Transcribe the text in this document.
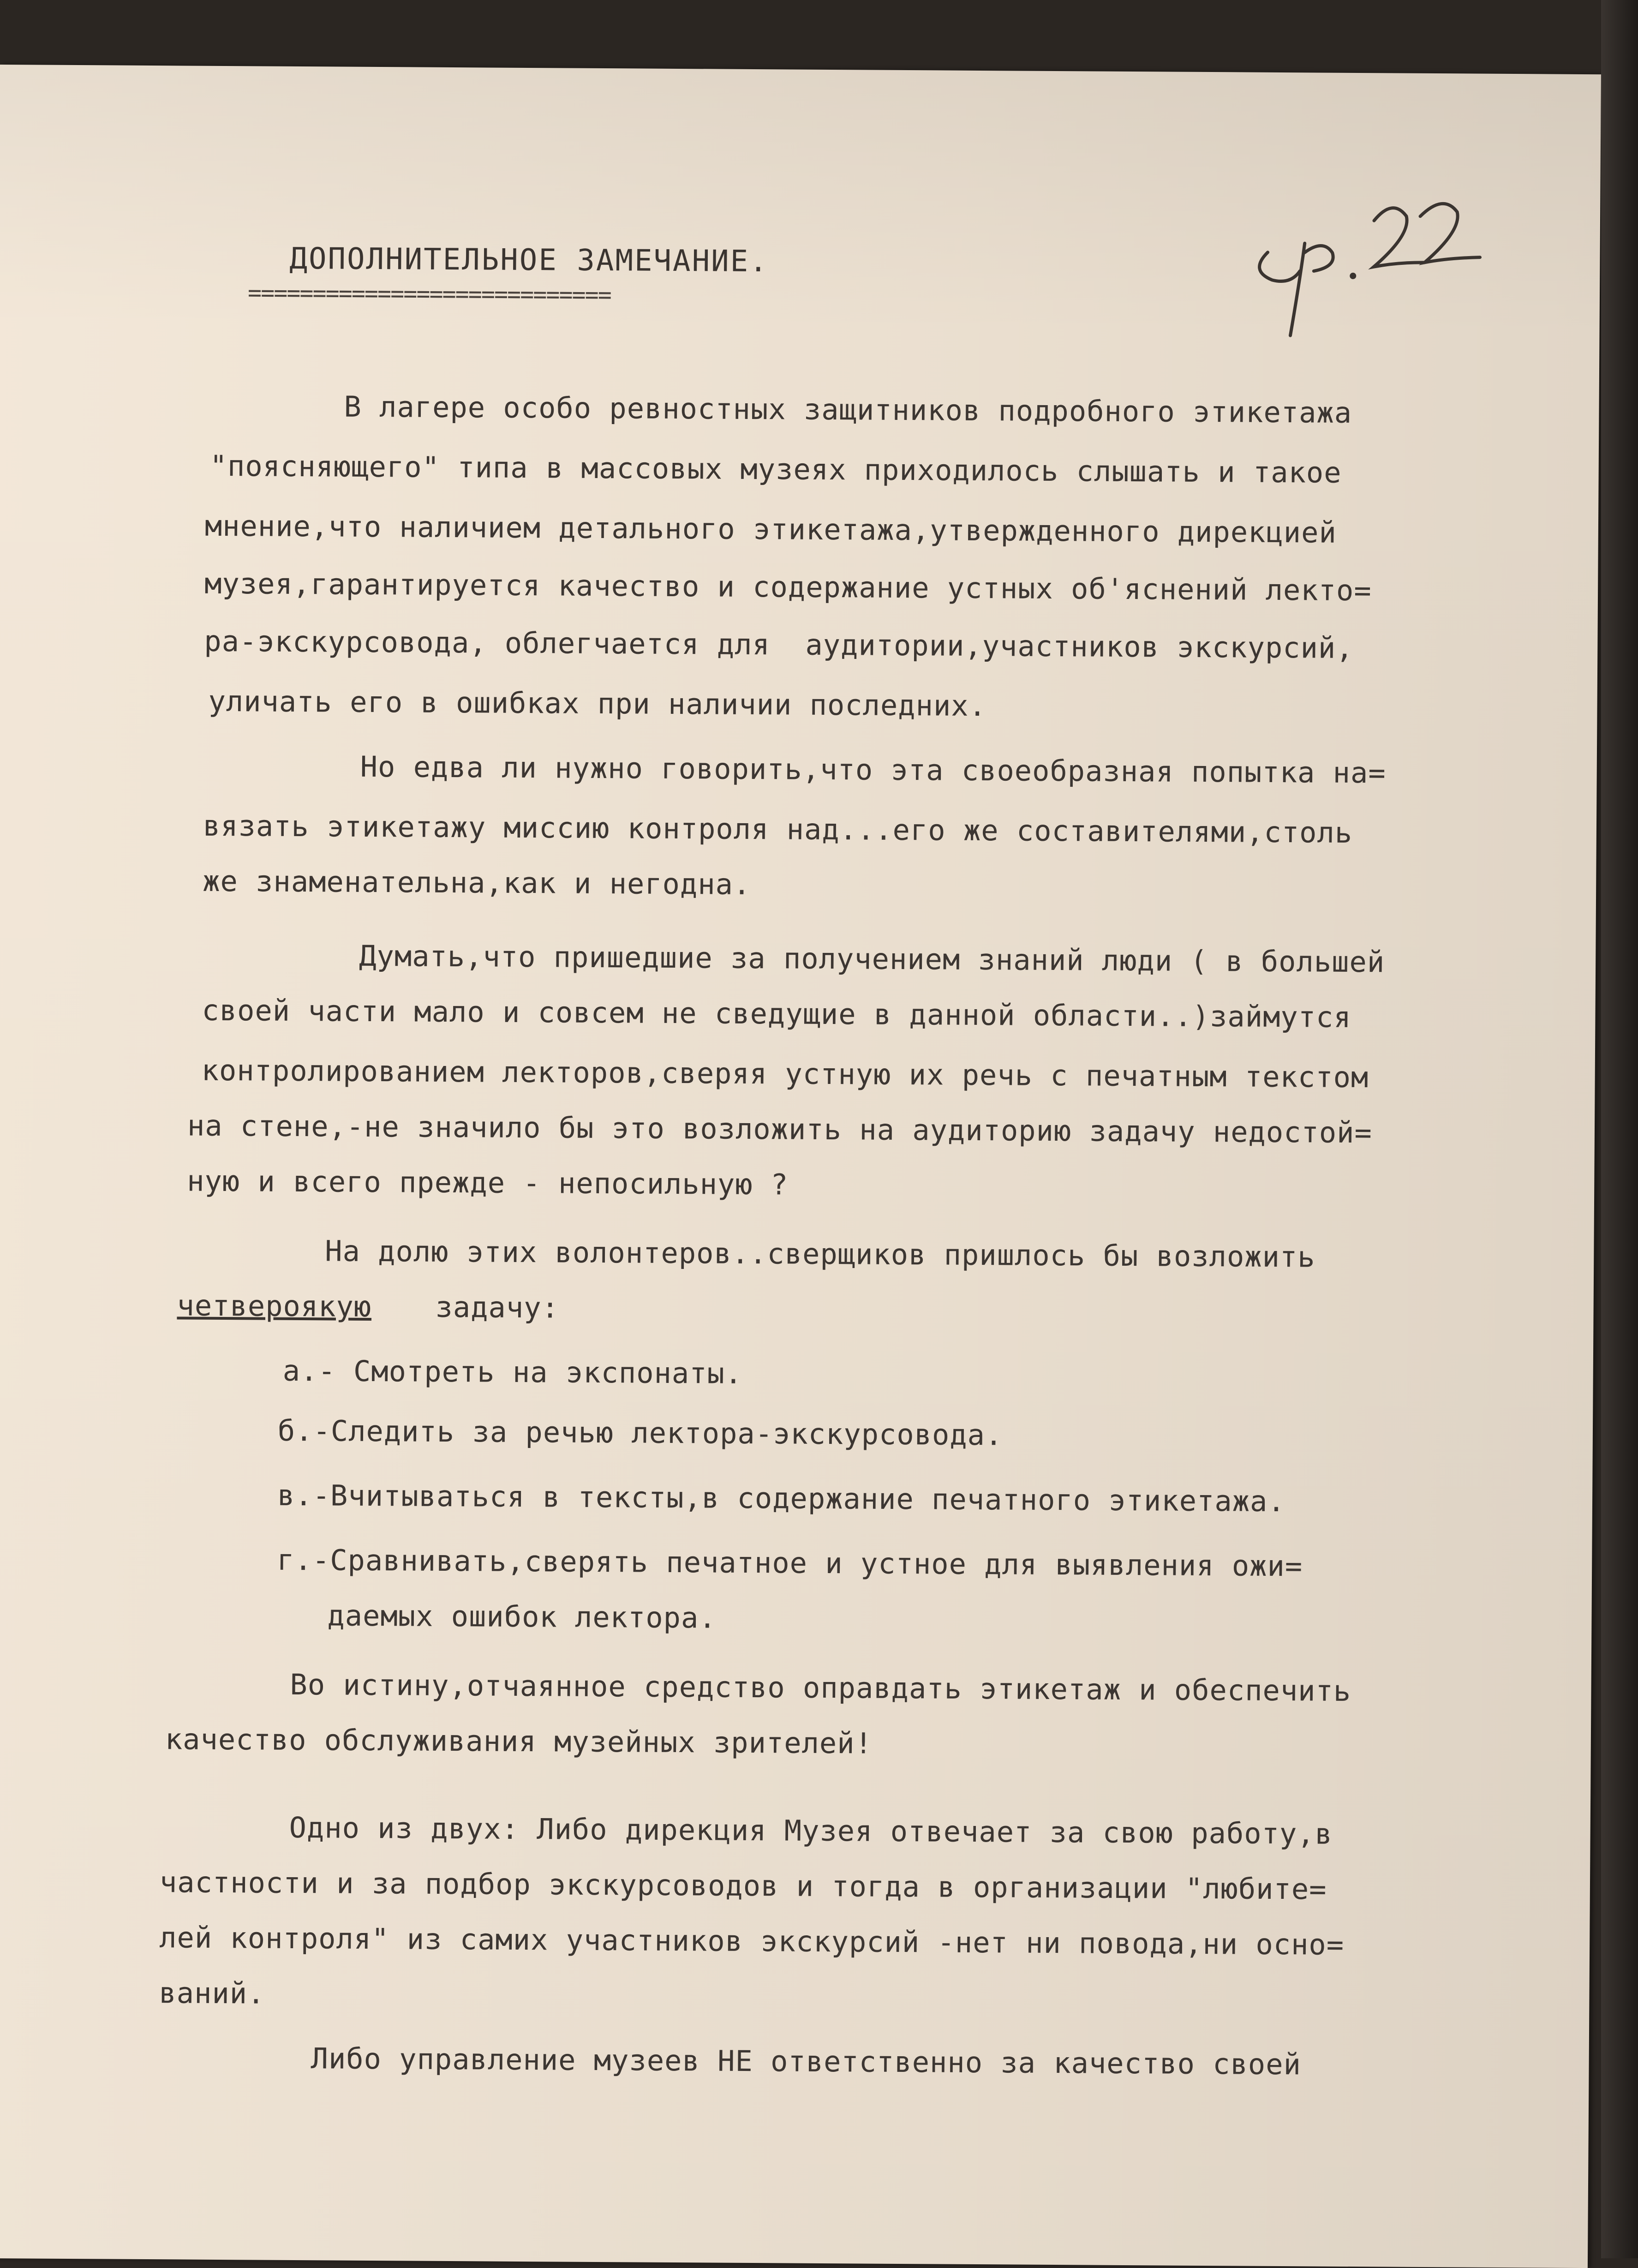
ДОПОЛНИТЕЛЬНОЕ ЗАМЕЧАНИЕ.
============================
В лагере особо ревностных защитников подробного этикетажа
"поясняющего" типа в массовых музеях приходилось слышать и такое
мнение,что наличием детального этикетажа,утвержденного дирекцией
музея,гарантируется качество и содержание устных об'яснений лекто=
ра-экскурсовода, облегчается для  аудитории,участников экскурсий,
уличать его в ошибках при наличии последних.
Но едва ли нужно говорить,что эта своеобразная попытка на=
вязать этикетажу миссию контроля над...его же составителями,столь
же знаменательна,как и негодна.
Думать,что пришедшие за получением знаний люди ( в большей
своей части мало и совсем не сведущие в данной области..)займутся
контролированием лекторов,сверяя устную их речь с печатным текстом
на стене,-не значило бы это возложить на аудиторию задачу недостой=
ную и всего прежде - непосильную ?
На долю этих волонтеров..сверщиков пришлось бы возложить
четверoякую задачу:
а.- Смотреть на экспонаты.
б.-Следить за речью лектора-экскурсовода.
в.-Вчитываться в тексты,в содержание печатного этикетажа.
г.-Сравнивать,сверять печатное и устное для выявления ожи=
даемых ошибок лектора.
Во истину,отчаянное средство оправдать этикетаж и обеспечить
качество обслуживания музейных зрителей!
Одно из двух: Либо дирекция Музея отвечает за свою работу,в
частности и за подбор экскурсоводов и тогда в организации "любите=
лей контроля" из самих участников экскурсий -нет ни повода,ни осно=
ваний.
Либо управление музеев НЕ ответственно за качество своей
